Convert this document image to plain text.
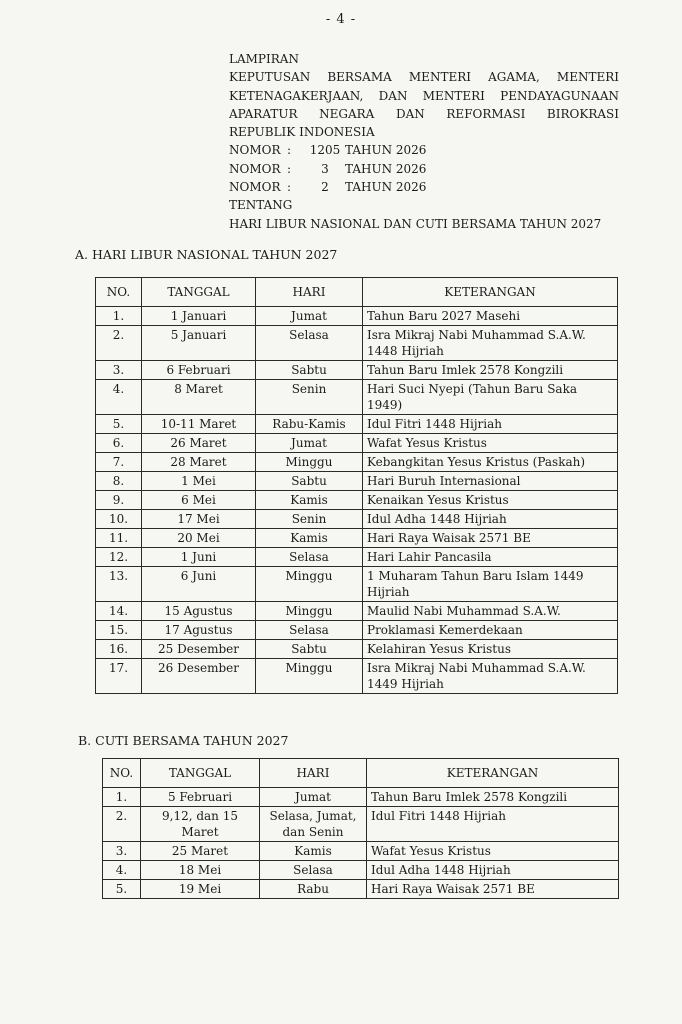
- 4 -
LAMPIRAN
KEPUTUSAN BERSAMA MENTERI AGAMA, MENTERI
KETENAGAKERJAAN, DAN MENTERI PENDAYAGUNAAN
APARATUR NEGARA DAN REFORMASI BIROKRASI
REPUBLIK INDONESIA
NOMOR :	1205 TAHUN 2026
NOMOR :	3	TAHUN 2026
NOMOR :	2	TAHUN 2026
TENTANG
HARI LIBUR NASIONAL DAN CUTI BERSAMA TAHUN 2027
A. HARI LIBUR NASIONAL TAHUN 2027
NO.	TANGGAL	HARI	KETERANGAN
1.	1 Januari	Jumat	Tahun Baru 2027 Masehi
2.	5 Januari	Selasa	Isra Mikraj Nabi Muhammad S.A.W. 1448 Hijriah
3.	6 Februari	Sabtu	Tahun Baru Imlek 2578 Kongzili
4.	8 Maret	Senin	Hari Suci Nyepi (Tahun Baru Saka 1949)
5.	10-11 Maret	Rabu-Kamis	Idul Fitri 1448 Hijriah
6.	26 Maret	Jumat	Wafat Yesus Kristus
7.	28 Maret	Minggu	Kebangkitan Yesus Kristus (Paskah)
8.	1 Mei	Sabtu	Hari Buruh Internasional
9.	6 Mei	Kamis	Kenaikan Yesus Kristus
10.	17 Mei	Senin	Idul Adha 1448 Hijriah
11.	20 Mei	Kamis	Hari Raya Waisak 2571 BE
12.	1 Juni	Selasa	Hari Lahir Pancasila
13.	6 Juni	Minggu	1 Muharam Tahun Baru Islam 1449 Hijriah
14.	15 Agustus	Minggu	Maulid Nabi Muhammad S.A.W.
15.	17 Agustus	Selasa	Proklamasi Kemerdekaan
16.	25 Desember	Sabtu	Kelahiran Yesus Kristus
17.	26 Desember	Minggu	Isra Mikraj Nabi Muhammad S.A.W. 1449 Hijriah
B. CUTI BERSAMA TAHUN 2027
NO.	TANGGAL	HARI	KETERANGAN
1.	5 Februari	Jumat	Tahun Baru Imlek 2578 Kongzili
2.	9,12, dan 15 Maret	Selasa, Jumat, dan Senin	Idul Fitri 1448 Hijriah
3.	25 Maret	Kamis	Wafat Yesus Kristus
4.	18 Mei	Selasa	Idul Adha 1448 Hijriah
5.	19 Mei	Rabu	Hari Raya Waisak 2571 BE
